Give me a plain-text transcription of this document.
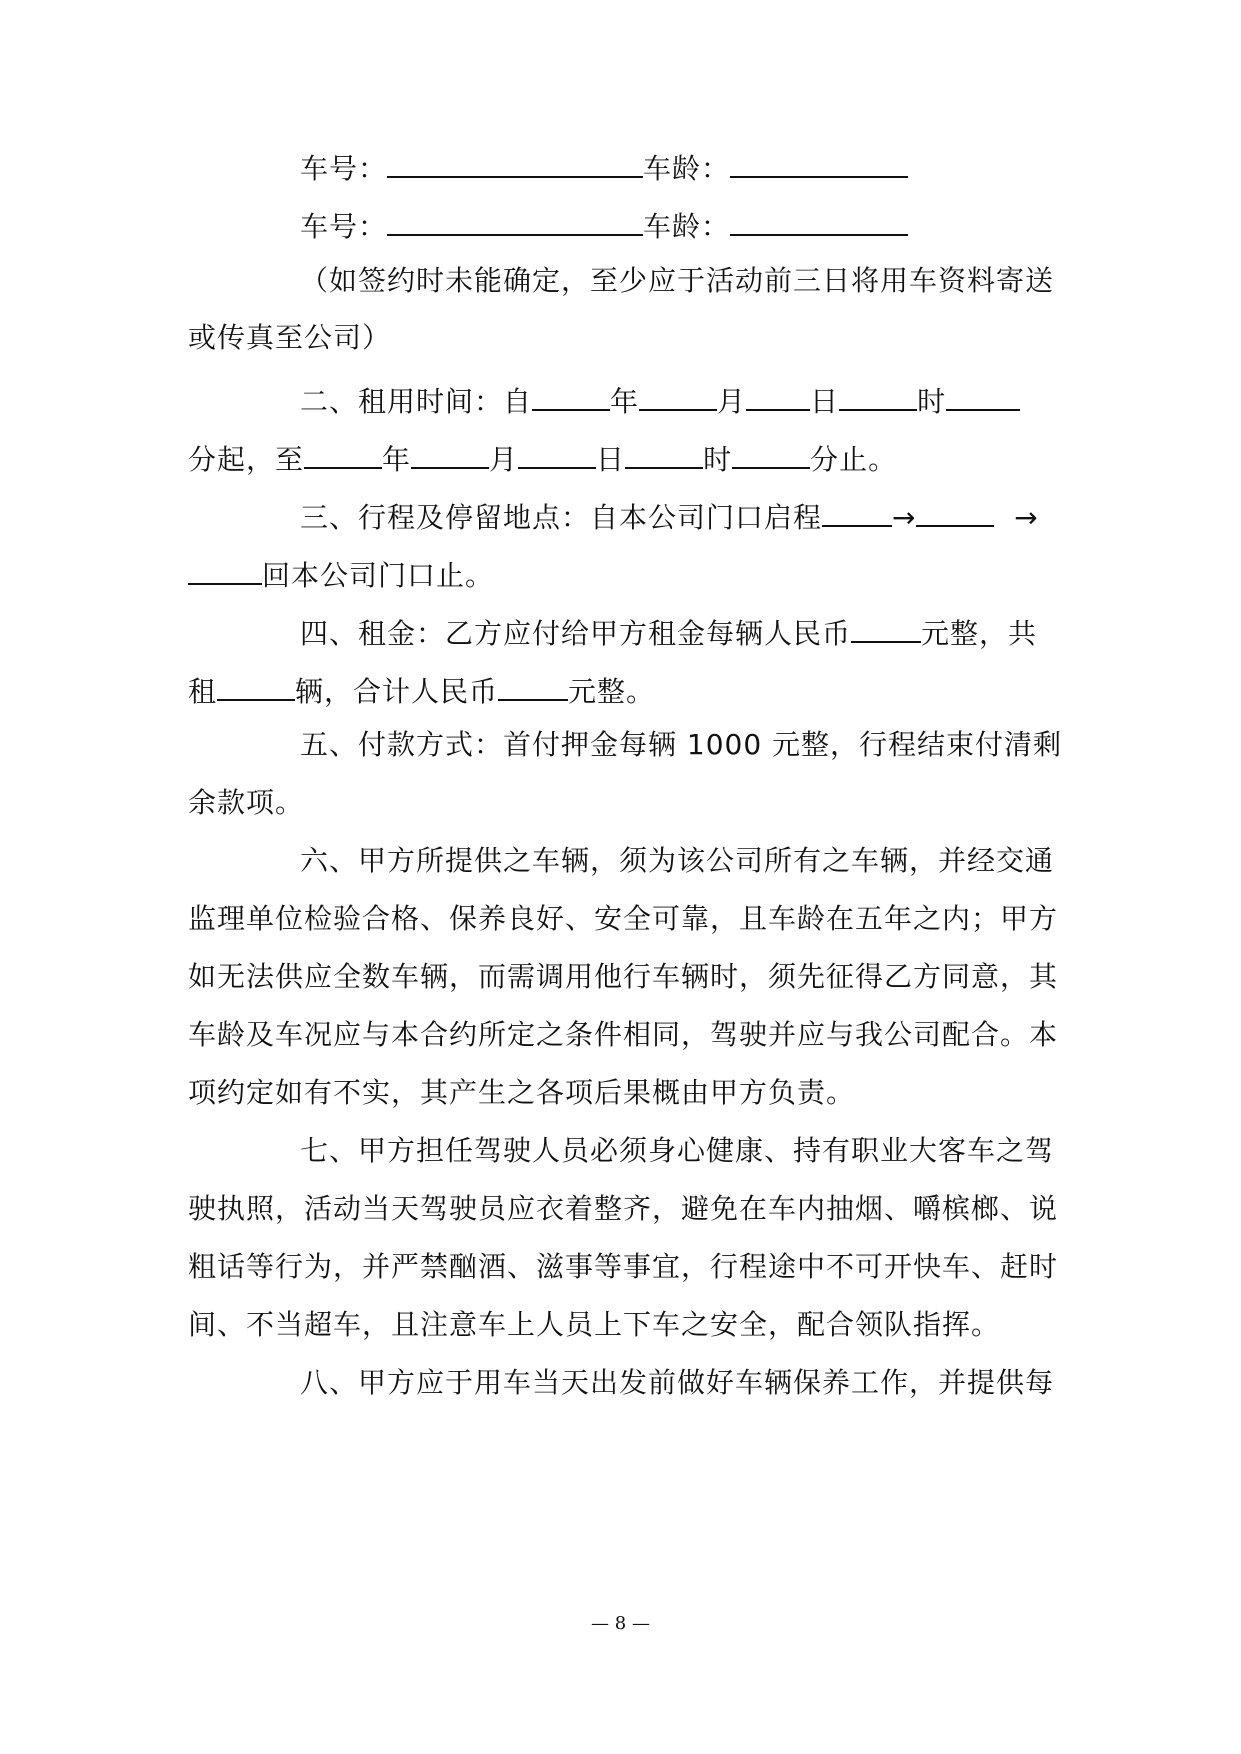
车号：	车龄：
车号：	车龄：
（如签约时未能确定，至少应于活动前三日将用车资料寄送
或传真至公司）
二、租用时间：自	年	月 日	时
分起，至	年	月	日	时	分止。
三、行程及停留地点：自本公司门口启程	→	→
回本公司门口止。
四、租金：乙方应付给甲方租金每辆人民币	元整，共
租	辆，合计人民币	元整。
五、付款方式：首付押金每辆 1000 元整，行程结束付清剩
余款项。
六、甲方所提供之车辆，须为该公司所有之车辆，并经交通
监理单位检验合格、保养良好、安全可靠，且车龄在五年之内；甲方
如无法供应全数车辆，而需调用他行车辆时，须先征得乙方同意，其
车龄及车况应与本合约所定之条件相同，驾驶并应与我公司配合。本
项约定如有不实，其产生之各项后果概由甲方负责。
七、甲方担任驾驶人员必须身心健康、持有职业大客车之驾
驶执照，活动当天驾驶员应衣着整齐，避免在车内抽烟、嚼槟榔、说
粗话等行为，并严禁酗酒、滋事等事宜，行程途中不可开快车、赶时
间、不当超车，且注意车上人员上下车之安全，配合领队指挥。
八、甲方应于用车当天出发前做好车辆保养工作，并提供每
— 8 —
